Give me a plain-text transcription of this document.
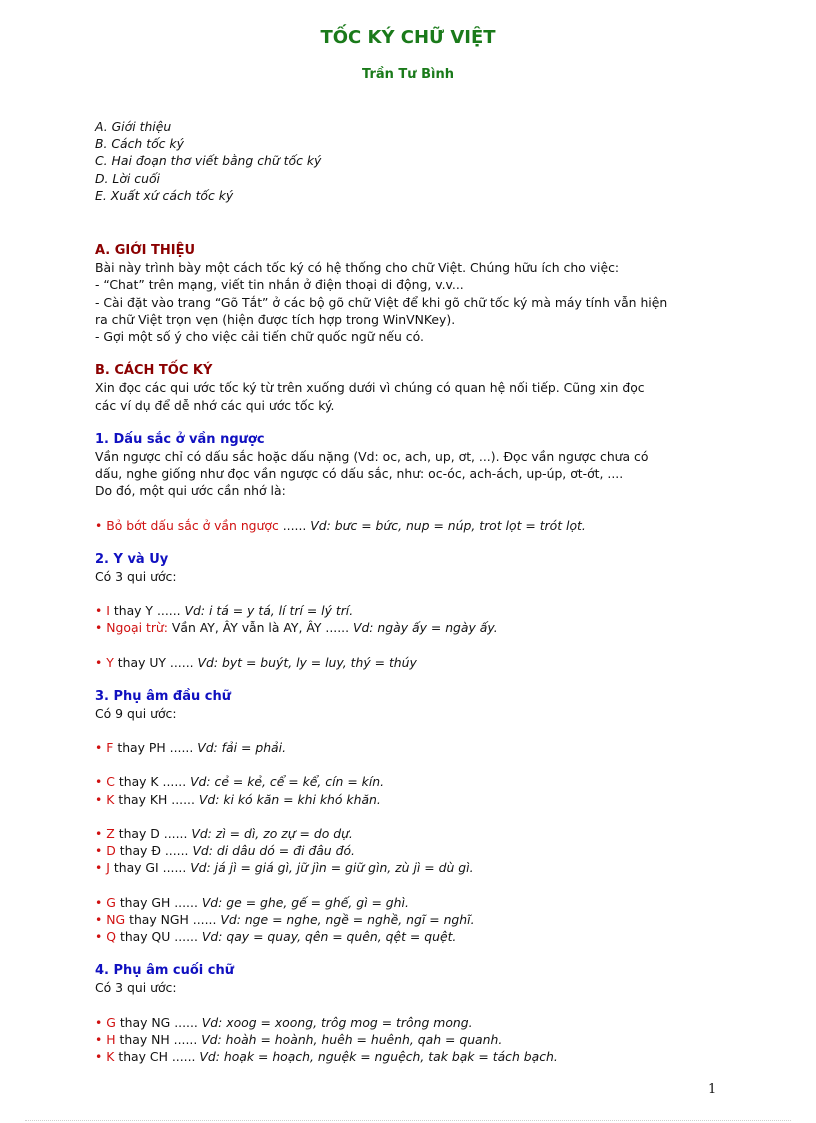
TỐC KÝ CHỮ VIỆT
Trần Tư Bình
A. Giới thiệu
B. Cách tốc ký
C. Hai đoạn thơ viết bằng chữ tốc ký
D. Lời cuối
E. Xuất xứ cách tốc ký
A. GIỚI THIỆU
Bài này trình bày một cách tốc ký có hệ thống cho chữ Việt. Chúng hữu ích cho việc:
- “Chat” trên mạng, viết tin nhắn ở điện thoại di động, v.v...
- Cài đặt vào trang “Gõ Tắt” ở các bộ gõ chữ Việt để khi gõ chữ tốc ký mà máy tính vẫn hiện
ra chữ Việt trọn vẹn (hiện được tích hợp trong WinVNKey).
- Gợi một số ý cho việc cải tiến chữ quốc ngữ nếu có.
B. CÁCH TỐC KÝ
Xin đọc các qui ước tốc ký từ trên xuống dưới vì chúng có quan hệ nối tiếp. Cũng xin đọc
các ví dụ để dễ nhớ các qui ước tốc ký.
1. Dấu sắc ở vần ngược
Vần ngược chỉ có dấu sắc hoặc dấu nặng (Vd: oc, ach, up, ơt, ...). Đọc vần ngược chưa có
dấu, nghe giống như đọc vần ngược có dấu sắc, như: oc-óc, ach-ách, up-úp, ơt-ớt, ....
Do đó, một qui ước cần nhớ là:
• Bỏ bớt dấu sắc ở vần ngược ...... Vd: bưc = bức, nup = núp, trot lọt = trót lọt.
2. Y và Uy
Có 3 qui ước:
• I thay Y ...... Vd: i tá = y tá, lí trí = lý trí.
• Ngoại trừ: Vần AY, ÂY vẫn là AY, ÂY ...... Vd: ngày ấy = ngày ấy.
• Y thay UY ...... Vd: byt = buýt, ly = luy, thý = thúy
3. Phụ âm đầu chữ
Có 9 qui ước:
• F thay PH ...... Vd: fải = phải.
• C thay K ...... Vd: cẻ = kẻ, cể = kể, cín = kín.
• K thay KH ...... Vd: ki kó kăn = khi khó khăn.
• Z thay D ...... Vd: zì = dì, zo zự = do dự.
• D thay Đ ...... Vd: di dâu dó = đi đâu đó.
• J thay GI ...... Vd: já jì = giá gì, jữ jìn = giữ gìn, zù jì = dù gì.
• G thay GH ...... Vd: ge = ghe, gế = ghế, gì = ghì.
• NG thay NGH ...... Vd: nge = nghe, ngề = nghề, ngĩ = nghĩ.
• Q thay QU ...... Vd: qay = quay, qên = quên, qệt = quệt.
4. Phụ âm cuối chữ
Có 3 qui ước:
• G thay NG ...... Vd: xoog = xoong, trôg mog = trông mong.
• H thay NH ...... Vd: hoàh = hoành, huêh = huênh, qah = quanh.
• K thay CH ...... Vd: hoạk = hoạch, nguệk = nguệch, tak bạk = tách bạch.
1
